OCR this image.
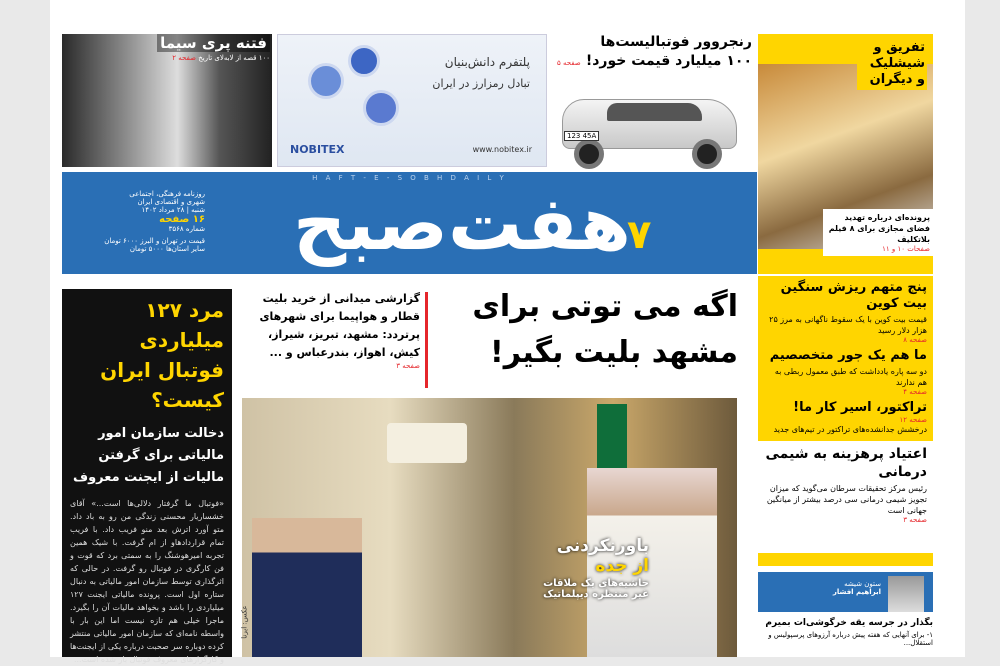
فتنه پری سیما
۱۰۰ قصه از لابه‌لای تاریخ صفحه ۲	پلتفرم دانش‌بنیان
تبادل رمزارز در ایران
NOBITEX	www.nobitex.ir
رنجروور فوتبالیست‌ها
۱۰۰ میلیارد قیمت خورد! صفحه ۵
123 45A
H A F T - E - S O B H D A I L Y
روزنامه فرهنگی، اجتماعی
شهری و اقتصادی ایران
شنبه | ۲۸ مرداد ۱۴۰۲
۱۶ صفحه
شماره ۳۵۶۸
قیمت در تهران و البرز ۶۰۰۰ تومان
سایر استان‌ها ۵۰۰۰ تومان	هفت‌صبح
۷
تفریق و شیشلیک و دیگران
پرونده‌ای درباره تهدید فضای مجازی برای ۸ فیلم بلاتکلیف
صفحات ۱۰ و ۱۱
پنج متهم ریزش سنگین بیت کوین
قیمت بیت کوین با یک سقوط ناگهانی به مرز ۲۵ هزار دلار رسید
صفحه ۸
ما هم یک جور متخصصیم
دو سه پاره یادداشت که طبق معمول ربطی به هم ندارند
صفحه ۴
تراکتور، اسیر کار ما!
صفحه ۱۲
درخشش جدانشده‌های تراکتور در تیم‌های جدید
اعتیاد پرهزینه به شیمی درمانی
رئیس مرکز تحقیقات سرطان می‌گوید که میزان تجویز شیمی درمانی سی درصد بیشتر از میانگین جهانی است
صفحه ۳
ستون شیشه
ابراهیم افشار
بگذار در جرسه یقه خرگوشی‌ات بمیرم
۱- برای آنهایی که هفته پیش درباره آرزوهای پرسپولیس و استقلال...
مرد ۱۲۷ میلیاردی فوتبال ایران کیست؟
دخالت سازمان امور مالیاتی برای گرفتن مالیات از ایجنت معروف
«فوتبال ما گرفتار دلالی‌ها است...» آقای خشساریار محسنی زندگی من رو به باد داد. متو آورد اترش بعد منو فریب داد. با فریب تمام قراردادهاو از ام گرفت. با شیک همین تجربه امیرهوشنگ را به سمتی برد که قوت و فن کارگری در فوتبال رو گرفت. در حالی که اثرگذاری توسط سازمان امور مالیاتی به دنبال ستاره اول است. پرونده مالیاتی ایجنت ۱۲۷ میلیاردی را باشد و بخواهد مالیات آن را بگیرد. ماجرا خیلی هم تازه نیست اما این بار با واسطه نامه‌ای که سازمان امور مالیاتی منتشر کرده دوباره سر صحبت درباره یکی از ایجنت‌ها و کارگزارهای معروف فوتبال باز شده است...
اگه می توتی برای
مشهد بلیت بگیر!
گزارشی میدانی از خرید بلیت قطار و هواپیما برای شهرهای پرتردد: مشهد، تبریز، شیراز، کیش، اهواز، بندرعباس و ...
صفحه ۳
باورنکردنی
از جده
حاشیه‌های یک ملاقات غیر منتظره دیپلماتیک
عکس: ایرنا
